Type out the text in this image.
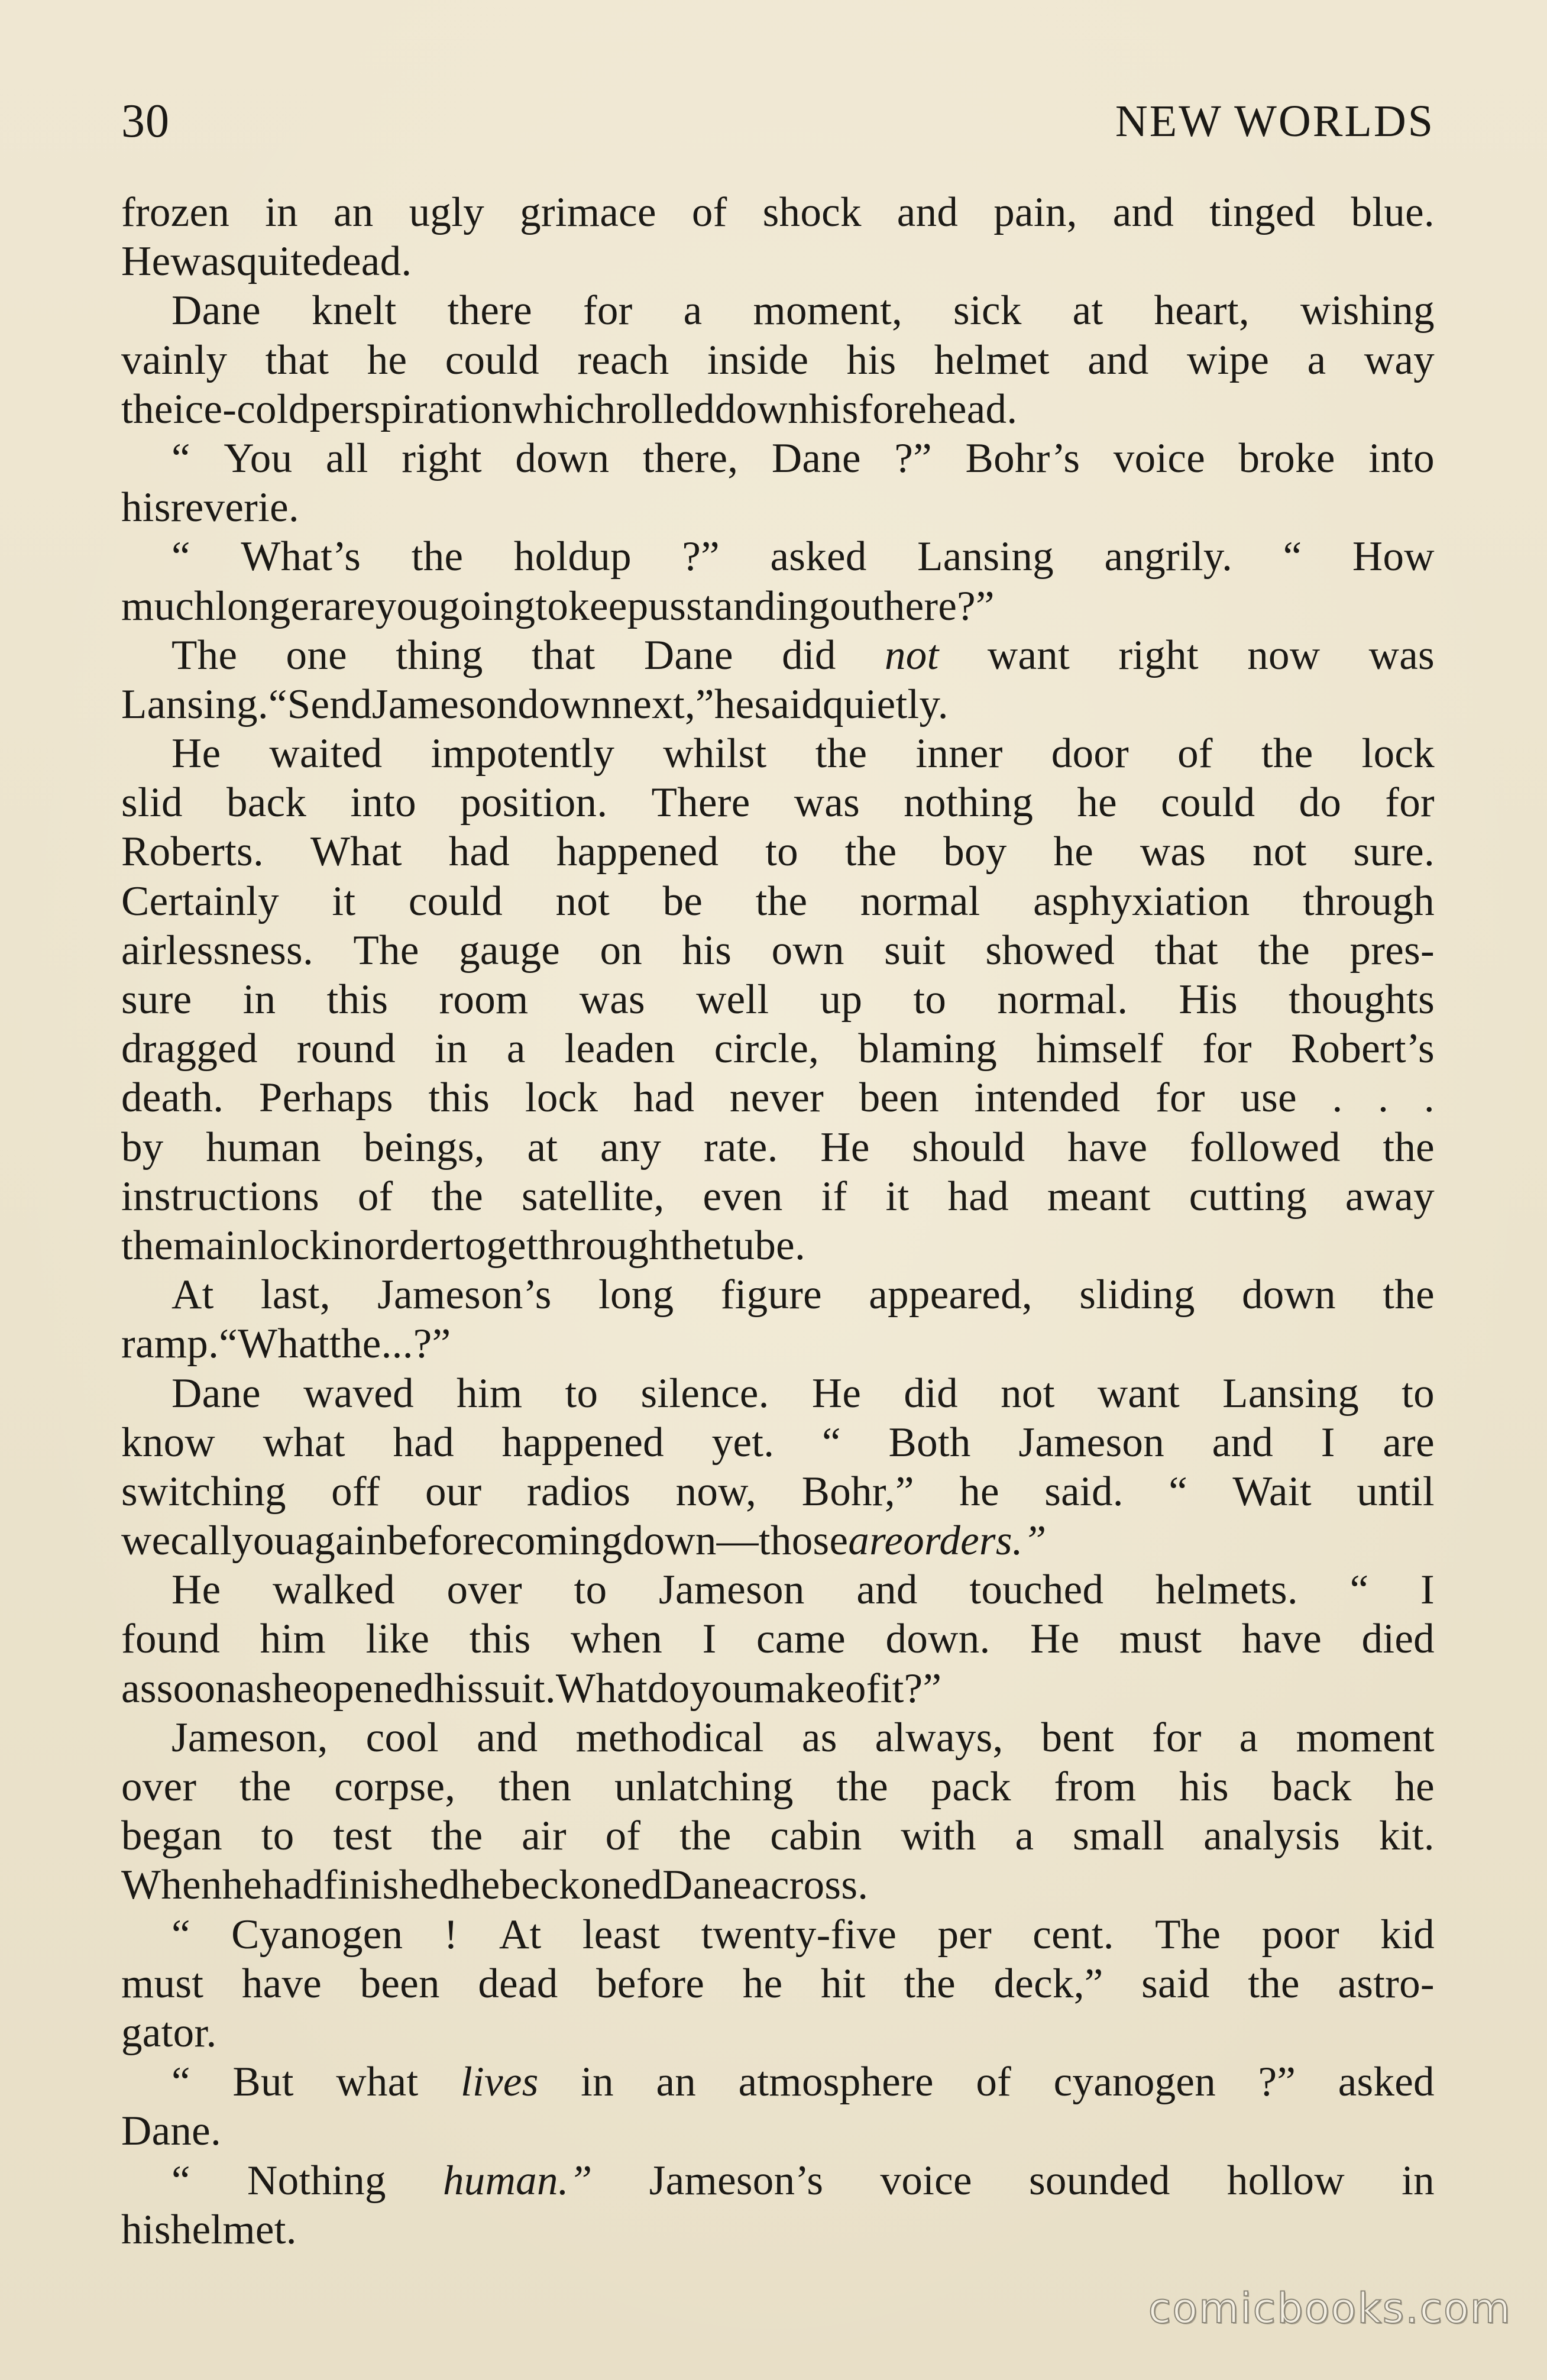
30	NEW WORLDS
frozen in an ugly grimace of shock and pain, and tinged blue.
He was quite dead.
Dane knelt there for a moment, sick at heart, wishing
vainly that he could reach inside his helmet and wipe a way
the ice-cold perspiration which rolled down his forehead.
“ You all right down there, Dane ?” Bohr’s voice broke into
his reverie.
“ What’s the holdup ?” asked Lansing angrily. “ How
much longer are you going to keep us standing out here ?”
The one thing that Dane did not want right now was
Lansing. “ Send Jameson down next,” he said quietly.
He waited impotently whilst the inner door of the lock
slid back into position. There was nothing he could do for
Roberts. What had happened to the boy he was not sure.
Certainly it could not be the normal asphyxiation through
airlessness. The gauge on his own suit showed that the pres-
sure in this room was well up to normal. His thoughts
dragged round in a leaden circle, blaming himself for Robert’s
death. Perhaps this lock had never been intended for use . . .
by human beings, at any rate. He should have followed the
instructions of the satellite, even if it had meant cutting away
the main lock in order to get through the tube.
At last, Jameson’s long figure appeared, sliding down the
ramp. “ What the . . . ? ”
Dane waved him to silence. He did not want Lansing to
know what had happened yet. “ Both Jameson and I are
switching off our radios now, Bohr,” he said. “ Wait until
we call you again before coming down—those are orders.”
He walked over to Jameson and touched helmets. “ I
found him like this when I came down. He must have died
as soon as he opened his suit. What do you make of it ?”
Jameson, cool and methodical as always, bent for a moment
over the corpse, then unlatching the pack from his back he
began to test the air of the cabin with a small analysis kit.
When he had finished he beckoned Dane across.
“ Cyanogen ! At least twenty-five per cent. The poor kid
must have been dead before he hit the deck,” said the astro-
gator.
“ But what lives in an atmosphere of cyanogen ?” asked
Dane.
“ Nothing human.” Jameson’s voice sounded hollow in
his helmet.
comicbooks.com
